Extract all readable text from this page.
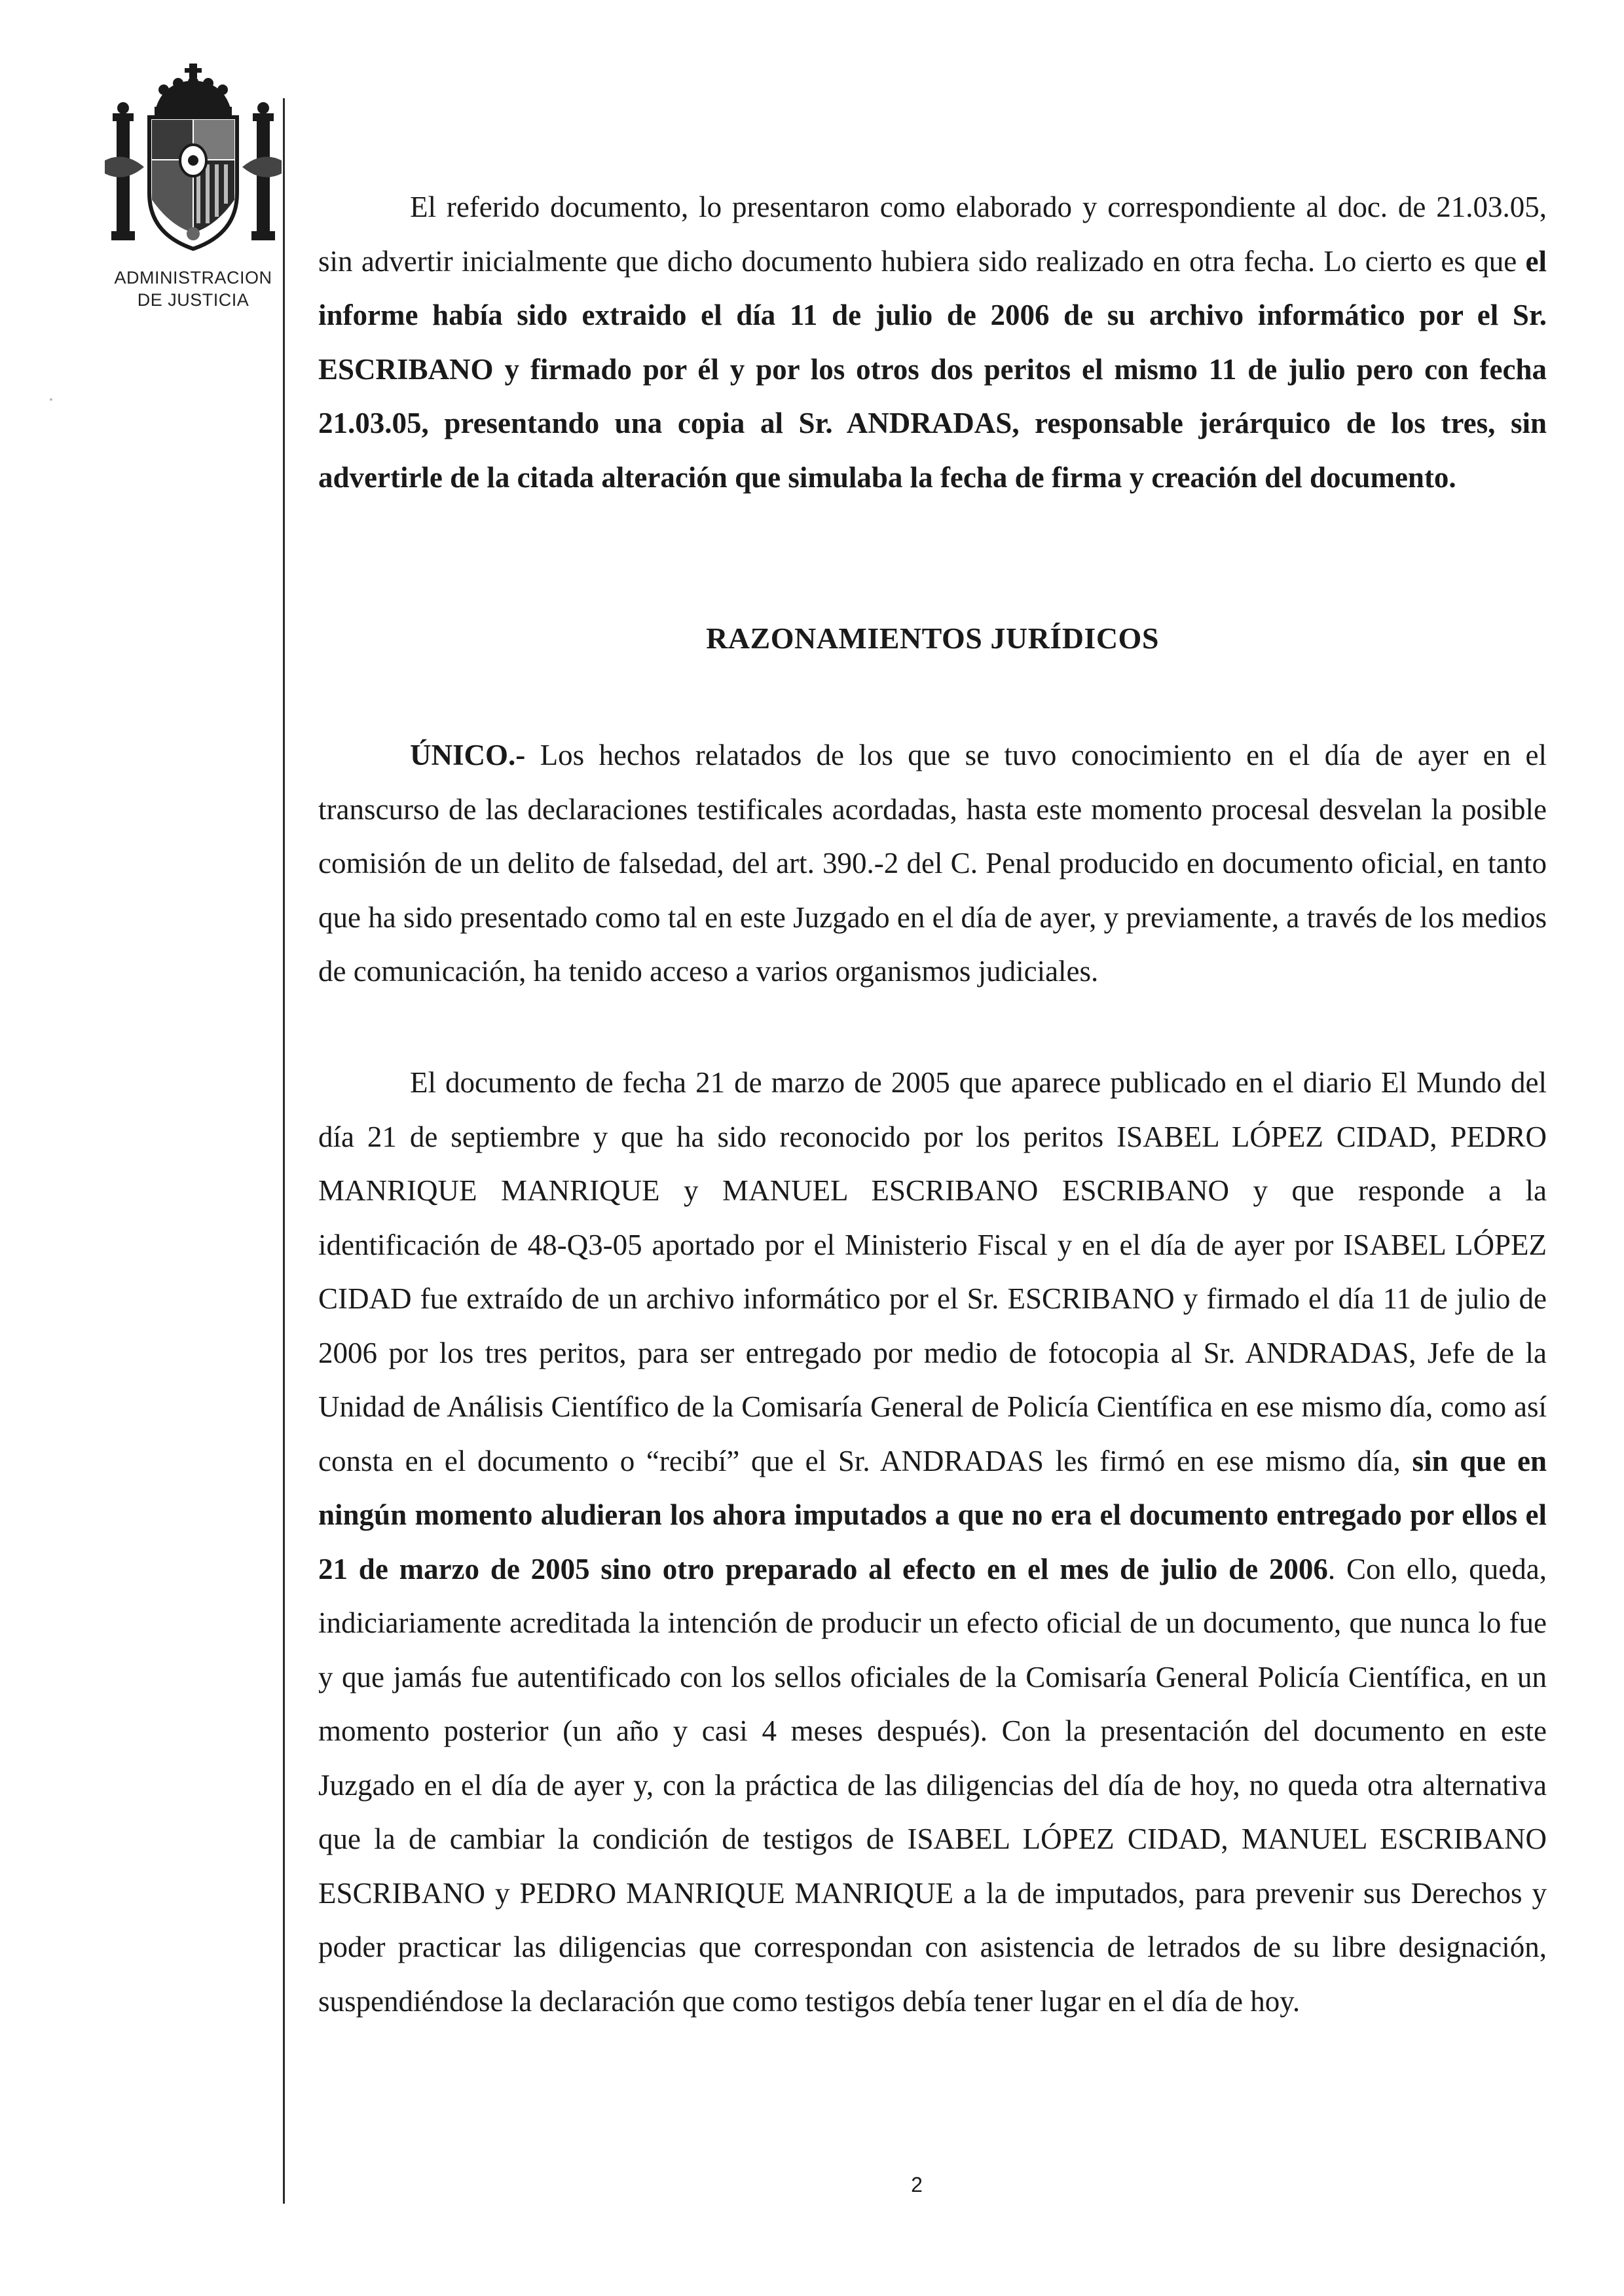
ADMINISTRACION
DE JUSTICIA

El referido documento, lo presentaron como elaborado y correspondiente al doc. de 21.03.05, sin advertir inicialmente que dicho documento hubiera sido realizado en otra fecha. Lo cierto es que el informe había sido extraido el día 11 de julio de 2006 de su archivo informático por el Sr. ESCRIBANO y firmado por él y por los otros dos peritos el mismo 11 de julio pero con fecha 21.03.05, presentando una copia al Sr. ANDRADAS, responsable jerárquico de los tres, sin advertirle de la citada alteración que simulaba la fecha de firma y creación del documento.

RAZONAMIENTOS JURÍDICOS

ÚNICO.- Los hechos relatados de los que se tuvo conocimiento en el día de ayer en el transcurso de las declaraciones testificales acordadas, hasta este momento procesal desvelan la posible comisión de un delito de falsedad, del art. 390.-2 del C. Penal producido en documento oficial, en tanto que ha sido presentado como tal en este Juzgado en el día de ayer, y previamente, a través de los medios de comunicación, ha tenido acceso a varios organismos judiciales.

El documento de fecha 21 de marzo de 2005 que aparece publicado en el diario El Mundo del día 21 de septiembre y que ha sido reconocido por los peritos ISABEL LÓPEZ CIDAD, PEDRO MANRIQUE MANRIQUE y MANUEL ESCRIBANO ESCRIBANO y que responde a la identificación de 48-Q3-05 aportado por el Ministerio Fiscal y en el día de ayer por ISABEL LÓPEZ CIDAD fue extraído de un archivo informático por el Sr. ESCRIBANO y firmado el día 11 de julio de 2006 por los tres peritos, para ser entregado por medio de fotocopia al Sr. ANDRADAS, Jefe de la Unidad de Análisis Científico de la Comisaría General de Policía Científica en ese mismo día, como así consta en el documento o “recibí” que el Sr. ANDRADAS les firmó en ese mismo día, sin que en ningún momento aludieran los ahora imputados a que no era el documento entregado por ellos el 21 de marzo de 2005 sino otro preparado al efecto en el mes de julio de 2006. Con ello, queda, indiciariamente acreditada la intención de producir un efecto oficial de un documento, que nunca lo fue y que jamás fue autentificado con los sellos oficiales de la Comisaría General Policía Científica, en un momento posterior (un año y casi 4 meses después). Con la presentación del documento en este Juzgado en el día de ayer y, con la práctica de las diligencias del día de hoy, no queda otra alternativa que la de cambiar la condición de testigos de ISABEL LÓPEZ CIDAD, MANUEL ESCRIBANO ESCRIBANO y PEDRO MANRIQUE MANRIQUE a la de imputados, para prevenir sus Derechos y poder practicar las diligencias que correspondan con asistencia de letrados de su libre designación, suspendiéndose la declaración que como testigos debía tener lugar en el día de hoy.

2
